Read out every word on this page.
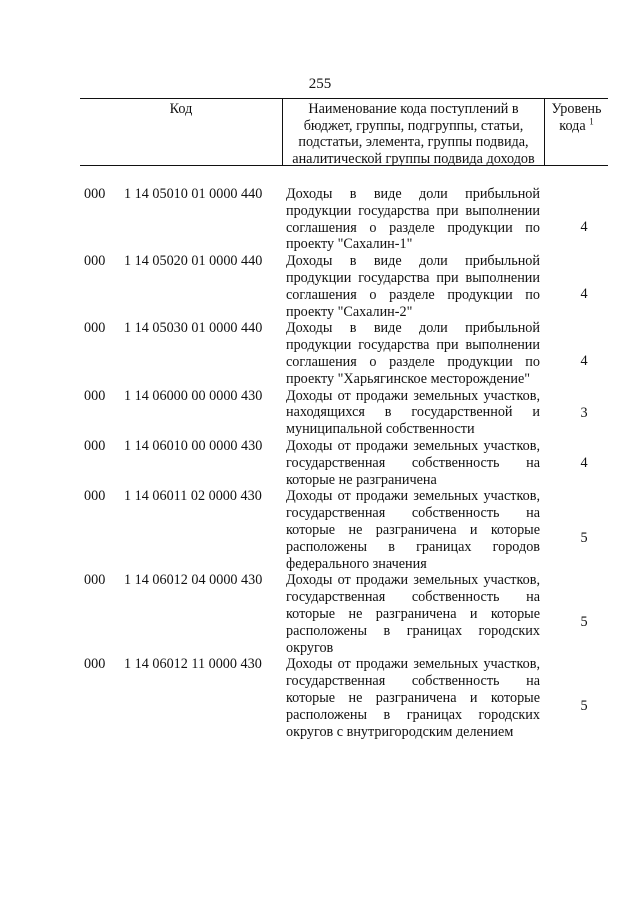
255
Код	Наименование кода поступлений в
бюджет, группы, подгруппы, статьи,
подстатьи, элемента, группы подвида,
аналитической группы подвида доходов
Уровень
кода $^1$
000 1 14 05010 01 0000 440 Доходы в виде доли прибыльной
продукции государства при выполнении
соглашения о разделе продукции по
проекту "Сахалин-1"
4
000 1 14 05020 01 0000 440 Доходы в виде доли прибыльной
продукции государства при выполнении
соглашения о разделе продукции по
проекту "Сахалин-2"
4
000 1 14 05030 01 0000 440 Доходы в виде доли прибыльной
продукции государства при выполнении
соглашения о разделе продукции по
проекту "Харьягинское месторождение"
4
000 1 14 06000 00 0000 430 Доходы от продажи земельных участков,
находящихся в государственной и
муниципальной собственности
3
000 1 14 06010 00 0000 430 Доходы от продажи земельных участков,
государственная собственность на
которые не разграничена
4
000 1 14 06011 02 0000 430 Доходы от продажи земельных участков,
государственная собственность на
которые не разграничена и которые
расположены в границах городов
федерального значения
5
000 1 14 06012 04 0000 430 Доходы от продажи земельных участков,
государственная собственность на
которые не разграничена и которые
расположены в границах городских
округов
5
000 1 14 06012 11 0000 430 Доходы от продажи земельных участков,
государственная собственность на
которые не разграничена и которые
расположены в границах городских
округов с внутригородским делением
5
